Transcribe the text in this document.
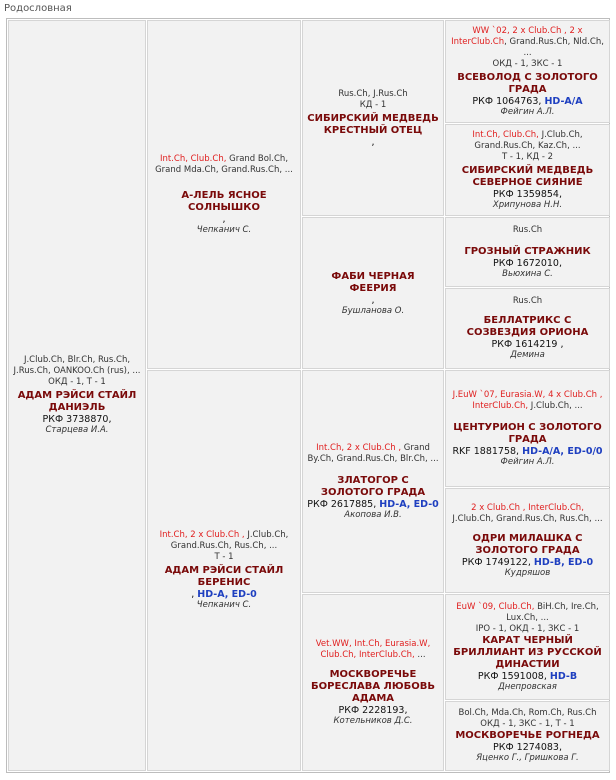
Родословная
J.Club.Ch, Blr.Ch, Rus.Ch, J.Rus.Ch, OANKOO.Ch (rus), ...
ОКД - 1, Т - 1
АДАМ РЭЙСИ СТАЙЛ ДАНИЭЛЬ
РКФ 3738870,
Старцева И.А.
Int.Ch, Club.Ch, Grand Bol.Ch, Grand Mda.Ch, Grand.Rus.Ch, ...
А-ЛЕЛЬ ЯСНОЕ СОЛНЫШКО
,
Чепканич С.
Int.Ch, 2 x Club.Ch , J.Club.Ch, Grand.Rus.Ch, Rus.Ch, ...
Т - 1
АДАМ РЭЙСИ СТАЙЛ БЕРЕНИС
, HD-A, ED-0
Чепканич С.
Rus.Ch, J.Rus.Ch
КД - 1
СИБИРСКИЙ МЕДВЕДЬ КРЕСТНЫЙ ОТЕЦ
,
ФАБИ ЧЕРНАЯ ФЕЕРИЯ
,
Бушланова О.
Int.Ch, 2 x Club.Ch , Grand By.Ch, Grand.Rus.Ch, Blr.Ch, ...
ЗЛАТОГОР С ЗОЛОТОГО ГРАДА
РКФ 2617885, HD-A, ED-0
Акопова И.В.
Vet.WW, Int.Ch, Eurasia.W, Club.Ch, InterClub.Ch, ...
МОСКВОРЕЧЬЕ БОРЕСЛАВА ЛЮБОВЬ АДАМА
РКФ 2228193,
Котельников Д.С.
WW `02, 2 x Club.Ch , 2 x InterClub.Ch, Grand.Rus.Ch, Nld.Ch, ...
ОКД - 1, ЗКС - 1
ВСЕВОЛОД С ЗОЛОТОГО ГРАДА
РКФ 1064763, HD-A/A
Фейгин А.Л.
Int.Ch, Club.Ch, J.Club.Ch, Grand.Rus.Ch, Kaz.Ch, ...
Т - 1, КД - 2
СИБИРСКИЙ МЕДВЕДЬ СЕВЕРНОЕ СИЯНИЕ
РКФ 1359854,
Хрипунова Н.Н.
Rus.Ch
ГРОЗНЫЙ СТРАЖНИК
РКФ 1672010,
Вьюхина С.
Rus.Ch
БЕЛЛАТРИКС С СОЗВЕЗДИЯ ОРИОНА
РКФ 1614219 ,
Демина
J.EuW `07, Eurasia.W, 4 x Club.Ch , InterClub.Ch, J.Club.Ch, ...
ЦЕНТУРИОН С ЗОЛОТОГО ГРАДА
RKF 1881758, HD-A/A, ED-0/0
Фейгин А.Л.
2 x Club.Ch , InterClub.Ch, J.Club.Ch, Grand.Rus.Ch, Rus.Ch, ...
ОДРИ МИЛАШКА С ЗОЛОТОГО ГРАДА
РКФ 1749122, HD-B, ED-0
Кудряшов
EuW `09, Club.Ch, BiH.Ch, Ire.Ch, Lux.Ch, ...
IPO - 1, ОКД - 1, ЗКС - 1
КАРАТ ЧЕРНЫЙ БРИЛЛИАНТ ИЗ РУССКОЙ ДИНАСТИИ
РКФ 1591008, HD-B
Днепровская
Bol.Ch, Mda.Ch, Rom.Ch, Rus.Ch
ОКД - 1, ЗКС - 1, Т - 1
МОСКВОРЕЧЬЕ РОГНЕДА
РКФ 1274083,
Яценко Г., Гришкова Г.
